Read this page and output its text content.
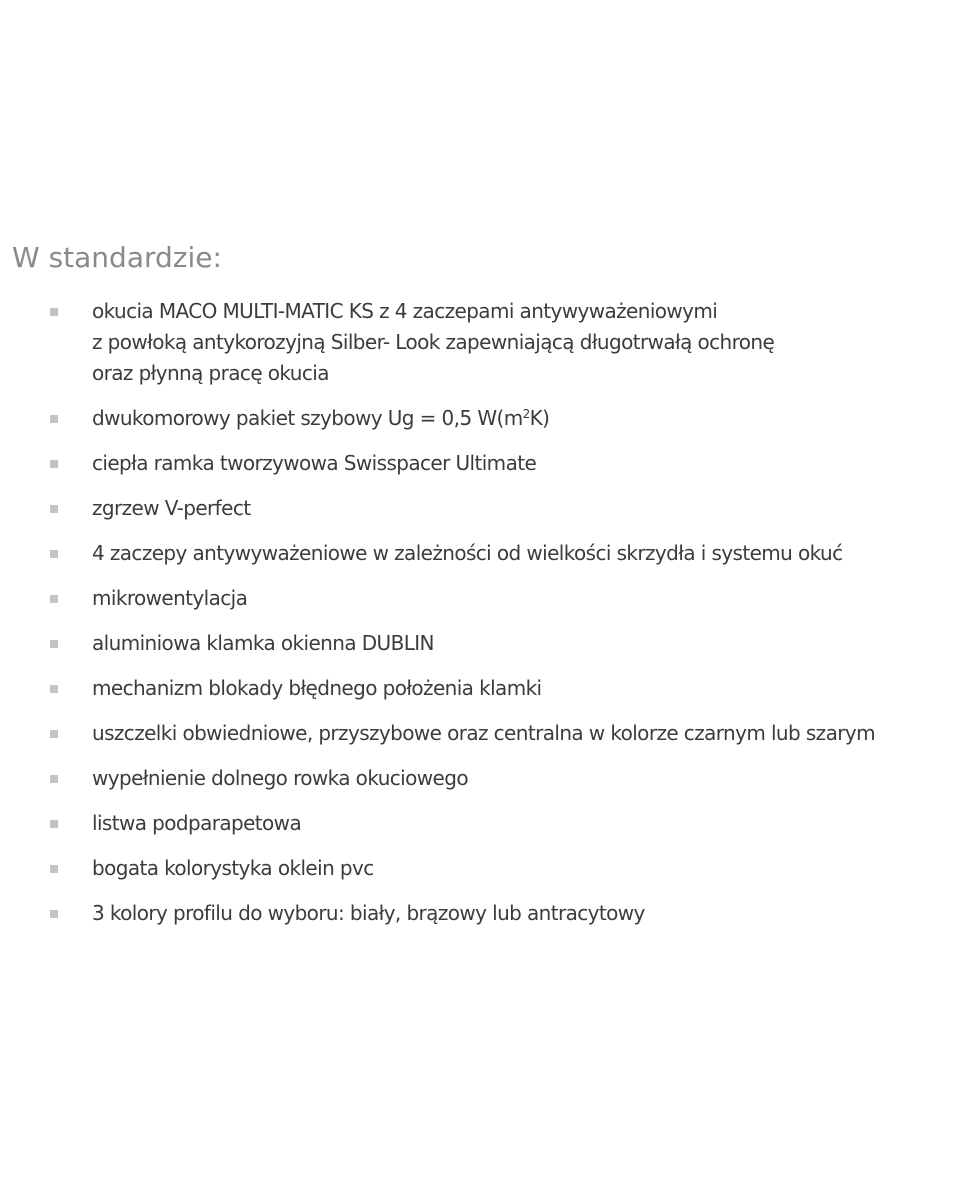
W standardzie:
okucia MACO MULTI-MATIC KS z 4 zaczepami antywyważeniowymi
z powłoką antykorozyjną Silber- Look zapewniającą długotrwałą ochronę
oraz płynną pracę okucia
dwukomorowy pakiet szybowy Ug = 0,5 $W(m^2K)$
ciepła ramka tworzywowa Swisspacer Ultimate
zgrzew V-perfect
4 zaczepy antywyważeniowe w zależności od wielkości skrzydła i systemu okuć
mikrowentylacja
aluminiowa klamka okienna DUBLIN
mechanizm blokady błędnego położenia klamki
uszczelki obwiedniowe, przyszybowe oraz centralna w kolorze czarnym lub szarym
wypełnienie dolnego rowka okuciowego
listwa podparapetowa
bogata kolorystyka oklein pvc
3 kolory profilu do wyboru: biały, brązowy lub antracytowy
